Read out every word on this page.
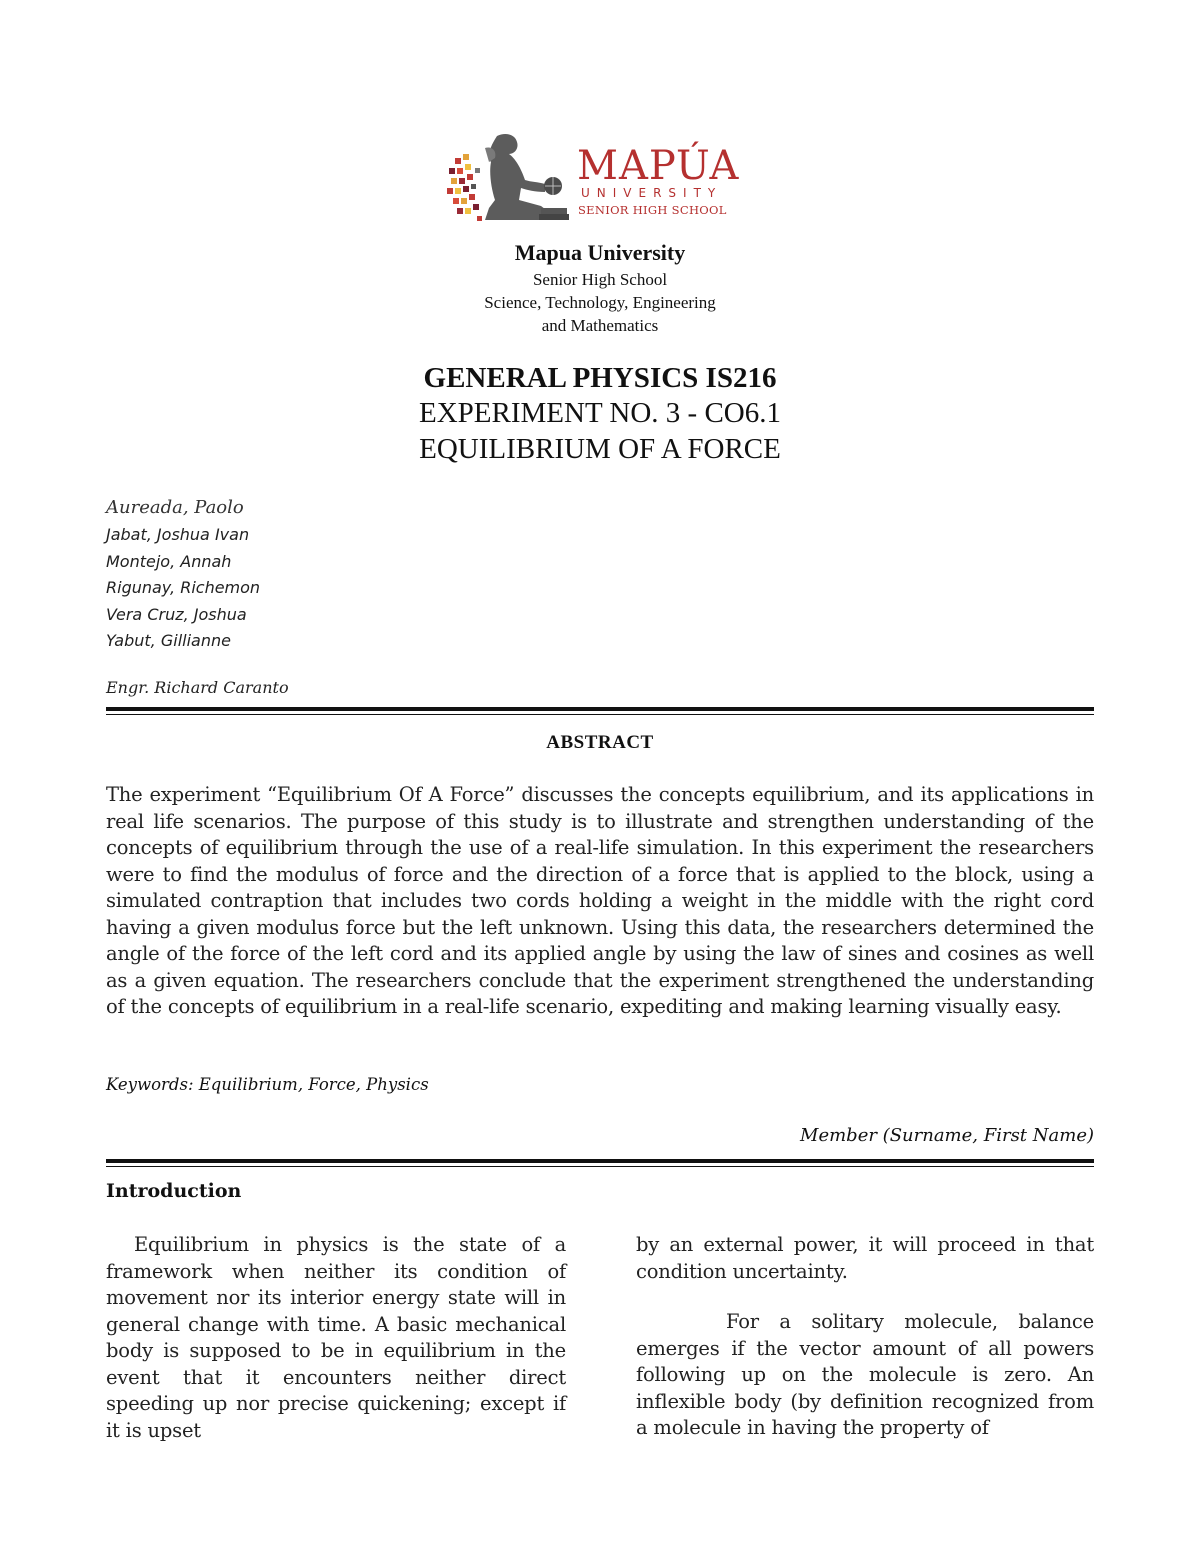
MAPÚA
UNIVERSITY
SENIOR HIGH SCHOOL
Mapua University
Senior High School
Science, Technology, Engineering
and Mathematics
GENERAL PHYSICS IS216
EXPERIMENT NO. 3 - CO6.1
EQUILIBRIUM OF A FORCE
Aureada, Paolo
Jabat, Joshua Ivan
Montejo, Annah
Rigunay, Richemon
Vera Cruz, Joshua
Yabut, Gillianne
Engr. Richard Caranto
ABSTRACT
The experiment “Equilibrium Of A Force” discusses the concepts equilibrium, and its applications in real life scenarios. The purpose of this study is to illustrate and strengthen understanding of the concepts of equilibrium through the use of a real-life simulation. In this experiment the researchers were to find the modulus of force and the direction of a force that is applied to the block, using a simulated contraption that includes two cords holding a weight in the middle with the right cord having a given modulus force but the left unknown. Using this data, the researchers determined the angle of the force of the left cord and its applied angle by using the law of sines and cosines as well as a given equation. The researchers conclude that the experiment strengthened the understanding of the concepts of equilibrium in a real-life scenario, expediting and making learning visually easy.
Keywords: Equilibrium, Force, Physics
Member (Surname, First Name)
Introduction

Equilibrium in physics is the state of a framework when neither its condition of movement nor its interior energy state will in general change with time. A basic mechanical body is supposed to be in equilibrium in the event that it encounters neither direct speeding up nor precise quickening; except if it is upset

by an external power, it will proceed in that condition uncertainty.

For a solitary molecule, balance emerges if the vector amount of all powers following up on the molecule is zero. An inflexible body (by definition recognized from a molecule in having the property of
